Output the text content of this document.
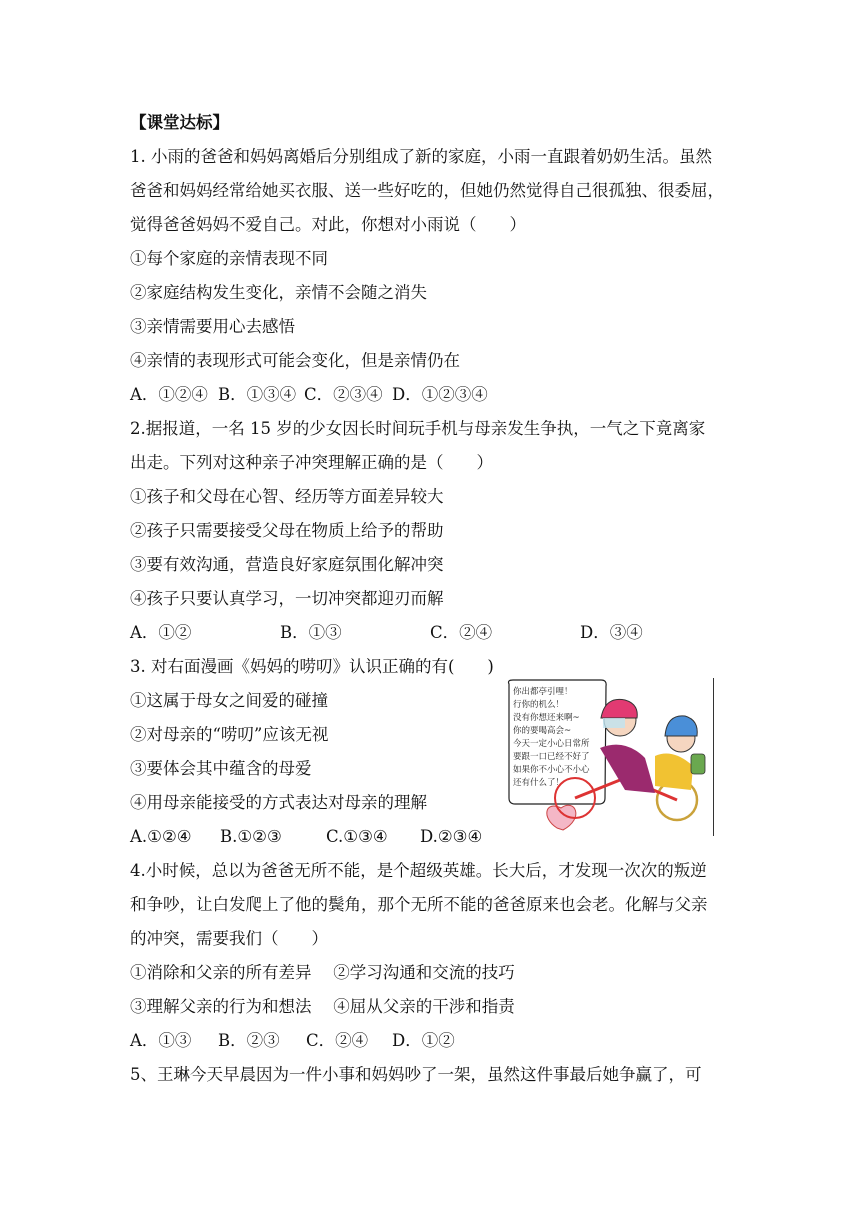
【课堂达标】
1. 小雨的爸爸和妈妈离婚后分别组成了新的家庭，小雨一直跟着奶奶生活。虽然
爸爸和妈妈经常给她买衣服、送一些好吃的，但她仍然觉得自己很孤独、很委屈，
觉得爸爸妈妈不爱自己。对此，你想对小雨说（　　）
①每个家庭的亲情表现不同
②家庭结构发生变化，亲情不会随之消失
③亲情需要用心去感悟
④亲情的表现形式可能会变化，但是亲情仍在
A．①②④ B．①③④ C．②③④ D．①②③④
2.据报道，一名 15 岁的少女因长时间玩手机与母亲发生争执，一气之下竟离家
出走。下列对这种亲子冲突理解正确的是（　　）
①孩子和父母在心智、经历等方面差异较大
②孩子只需要接受父母在物质上给予的帮助
③要有效沟通，营造良好家庭氛围化解冲突
④孩子只要认真学习，一切冲突都迎刃而解
A．①②	B．①③	C．②④	D．③④
3. 对右面漫画《妈妈的唠叨》认识正确的有(　　)
①这属于母女之间爱的碰撞
②对母亲的“唠叨”应该无视
③要体会其中蕴含的母爱
④用母亲能接受的方式表达对母亲的理解
A.①②④ B.①②③	C.①③④ D.②③④
你出都亭引哩！
行你的机么！
没有你想还来啊~
你的要喝高会~
今天一定小心日常所
要跟一口已经不好了
如果你不小心不小心
还有什么了！
4.小时候，总以为爸爸无所不能，是个超级英雄。长大后，才发现一次次的叛逆
和争吵，让白发爬上了他的鬓角，那个无所不能的爸爸原来也会老。化解与父亲
的冲突，需要我们（　　）
①消除和父亲的所有差异　 ②学习沟通和交流的技巧
③理解父亲的行为和想法　 ④屈从父亲的干涉和指责
A．①③ B．②③ C．②④ D．①②
5、王琳今天早晨因为一件小事和妈妈吵了一架，虽然这件事最后她争赢了，可
